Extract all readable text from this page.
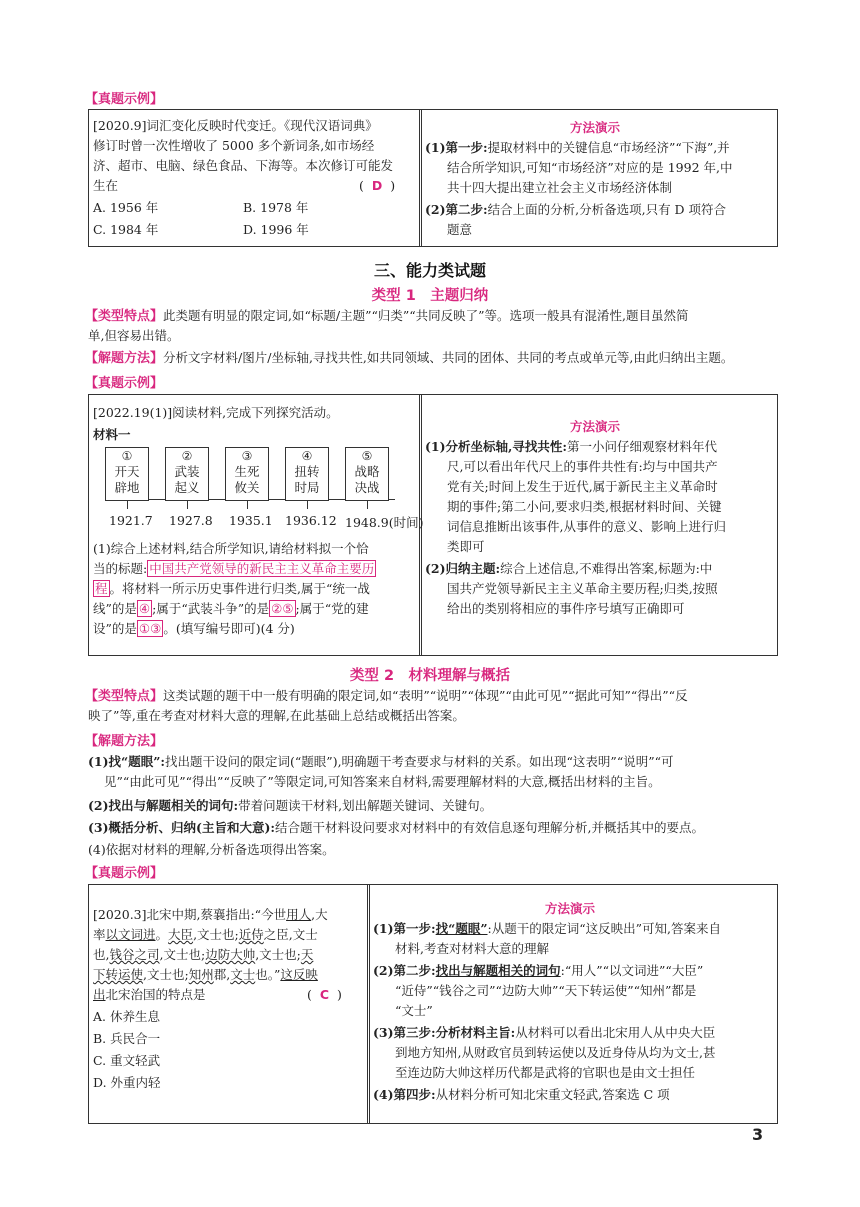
【真题示例】
[2020.9]词汇变化反映时代变迁。《现代汉语词典》
修订时曾一次性增收了 5000 多个新词条,如市场经
济、超市、电脑、绿色食品、下海等。本次修订可能发
生在	( D )
A. 1956 年	B. 1978 年
C. 1984 年	D. 1996 年
方法演示
(1)第一步:提取材料中的关键信息“市场经济”“下海”,并
结合所学知识,可知“市场经济”对应的是 1992 年,中
共十四大提出建立社会主义市场经济体制
(2)第二步:结合上面的分析,分析备选项,只有 D 项符合
题意
三、能力类试题
类型 1　主题归纳
【类型特点】此类题有明显的限定词,如“标题/主题”“归类”“共同反映了”等。选项一般具有混淆性,题目虽然简
单,但容易出错。
【解题方法】分析文字材料/图片/坐标轴,寻找共性,如共同领域、共同的团体、共同的考点或单元等,由此归纳出主题。
【真题示例】
[2022.19(1)]阅读材料,完成下列探究活动。
材料一
(1)综合上述材料,结合所学知识,请给材料拟一个恰
当的标题: 中国共产党领导的新民主主义革命主要历
程 。将材料一所示历史事件进行归类,属于“统一战
线”的是 ④ ;属于“武装斗争”的是 ②⑤ ;属于“党的建
设”的是 ①③ 。(填写编号即可)(4 分)
方法演示
(1)分析坐标轴,寻找共性:第一小问仔细观察材料年代
尺,可以看出年代尺上的事件共性有:均与中国共产
党有关;时间上发生于近代,属于新民主主义革命时
期的事件;第二小问,要求归类,根据材料时间、关键
词信息推断出该事件,从事件的意义、影响上进行归
类即可
(2)归纳主题:综合上述信息,不难得出答案,标题为:中
国共产党领导新民主主义革命主要历程;归类,按照
给出的类别将相应的事件序号填写正确即可
①
开天
辟地
②
武装
起义
③
生死
攸关
④
扭转
时局
⑤
战略
决战
1921.7 1927.8 1935.1 1936.12 1948.9(时间)
类型 2　材料理解与概括
【类型特点】这类试题的题干中一般有明确的限定词,如“表明”“说明”“体现”“由此可见”“据此可知”“得出”“反
映了”等,重在考查对材料大意的理解,在此基础上总结或概括出答案。
【解题方法】
(1)找“题眼”:找出题干设问的限定词(“题眼”),明确题干考查要求与材料的关系。如出现“这表明”“说明”“可
见”“由此可见”“得出”“反映了”等限定词,可知答案来自材料,需要理解材料的大意,概括出材料的主旨。
(2)找出与解题相关的词句:带着问题读干材料,划出解题关键词、关键句。
(3)概括分析、归纳(主旨和大意):结合题干材料设问要求对材料中的有效信息逐句理解分析,并概括其中的要点。
(4)依据对材料的理解,分析备选项得出答案。
【真题示例】
[2020.3]北宋中期,蔡襄指出:“今世用人,大
率以文词进。大臣,文士也;近侍之臣,文士
也,钱谷之司,文士也;边防大帅,文士也;天
下转运使,文士也;知州郡,文士也。”这反映
出北宋治国的特点是	( C )
A. 休养生息
B. 兵民合一
C. 重文轻武
D. 外重内轻
方法演示
(1)第一步:找“题眼”:从题干的限定词“这反映出”可知,答案来自
材料,考查对材料大意的理解
(2)第二步:找出与解题相关的词句:“用人”“以文词进”“大臣”
“近侍”“钱谷之司”“边防大帅”“天下转运使”“知州”都是
“文士”
(3)第三步:分析材料主旨:从材料可以看出北宋用人从中央大臣
到地方知州,从财政官员到转运使以及近身侍从均为文士,甚
至连边防大帅这样历代都是武将的官职也是由文士担任
(4)第四步:从材料分析可知北宋重文轻武,答案选 C 项
3
